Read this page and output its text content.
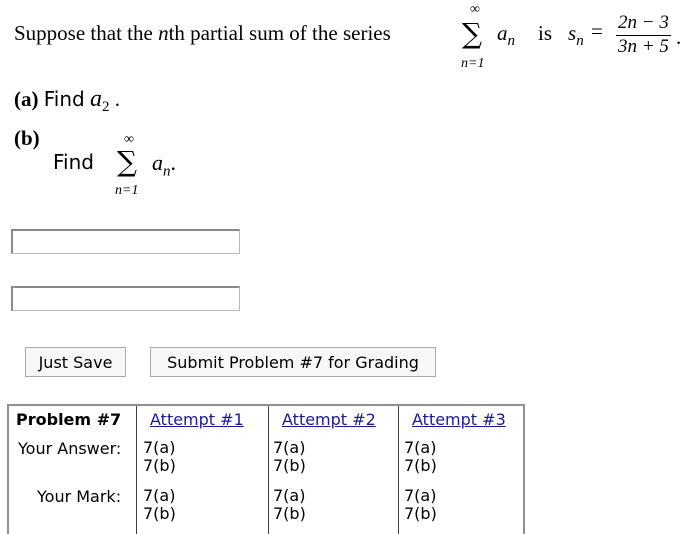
Suppose that the nth partial sum of the series
∞
∑
n=1
$a_n$ is $s_n = 2n - 3$
3n + 5 .
(a) Find $a_2$ .
(b)
Find
∞
∑
n=1
$a_n$.
Just Save	Submit Problem #7 for Grading
Problem #7 Attempt #1 Attempt #2 Attempt #3
Your Answer: 7(a)
7(b)
7(a)
7(b)
7(a)
7(b)
Your Mark: 7(a)
7(b)
7(a)
7(b)
7(a)
7(b)
